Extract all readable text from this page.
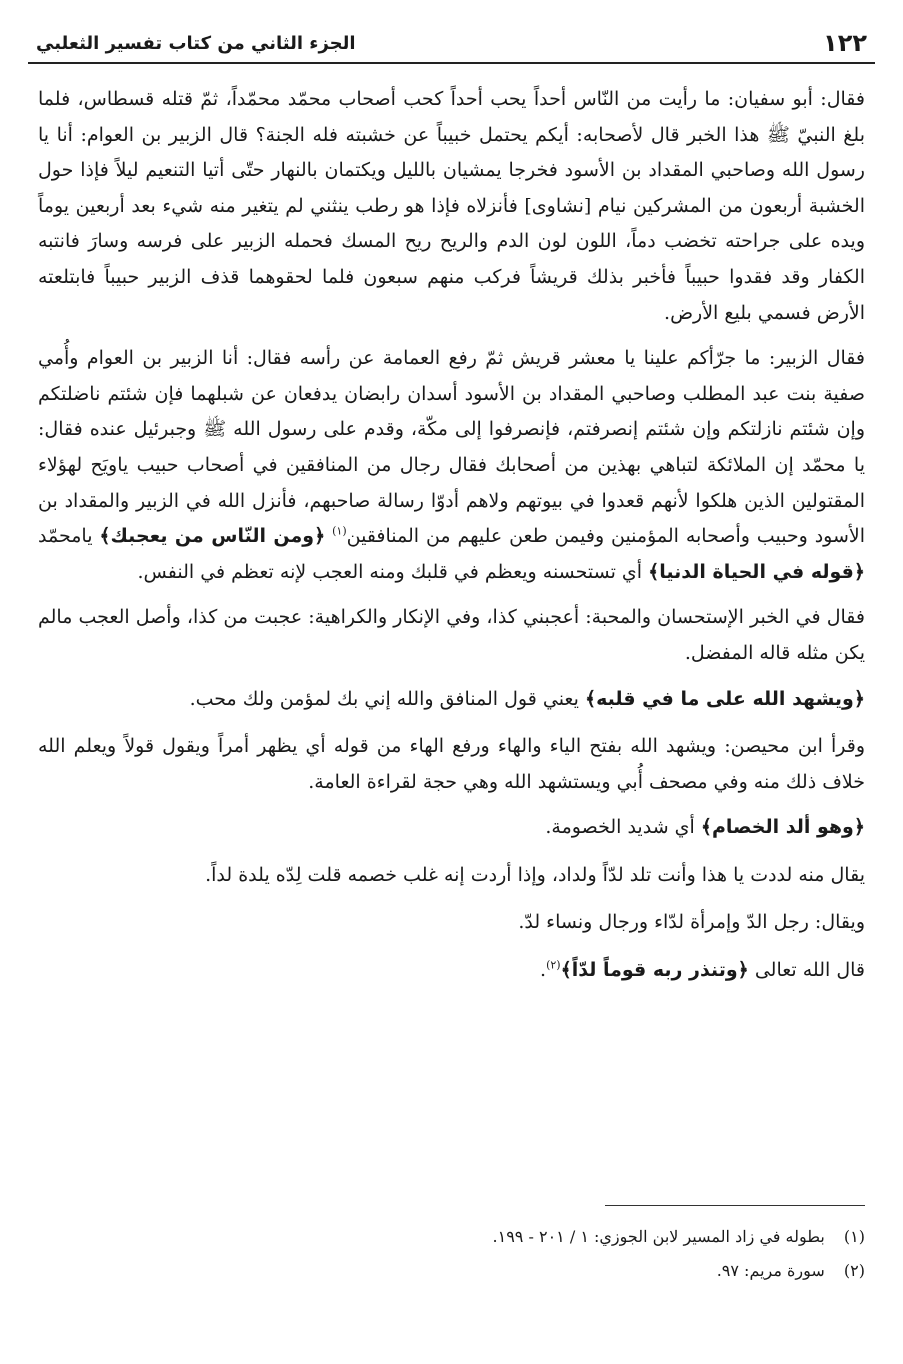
١٢٢
الجزء الثاني من كتاب تفسير الثعلبي

فقال: أبو سفيان: ما رأيت من النّاس أحداً يحب أحداً كحب أصحاب محمّد محمّداً، ثمّ قتله قسطاس، فلما بلغ النبيّ ﷺ هذا الخبر قال لأصحابه: أيكم يحتمل خبيباً عن خشبته فله الجنة؟ قال الزبير بن العوام: أنا يا رسول الله وصاحبي المقداد بن الأسود فخرجا يمشيان بالليل ويكتمان بالنهار حتّى أتيا التنعيم ليلاً فإذا حول الخشبة أربعون من المشركين نيام [نشاوى] فأنزلاه فإذا هو رطب ينثني لم يتغير منه شيء بعد أربعين يوماً ويده على جراحته تخضب دماً، اللون لون الدم والريح ريح المسك فحمله الزبير على فرسه وسارَ فانتبه الكفار وقد فقدوا حبيباً فأخبر بذلك قريشاً فركب منهم سبعون فلما لحقوهما قذف الزبير حبيباً فابتلعته الأرض فسمي بليع الأرض.

فقال الزبير: ما جرّأكم علينا يا معشر قريش ثمّ رفع العمامة عن رأسه فقال: أنا الزبير بن العوام وأُمي صفية بنت عبد المطلب وصاحبي المقداد بن الأسود أسدان رابضان يدفعان عن شبلهما فإن شئتم ناضلتكم وإن شئتم نازلتكم وإن شئتم إنصرفتم، فإنصرفوا إلى مكّة، وقدم على رسول الله ﷺ وجبرئيل عنده فقال: يا محمّد إن الملائكة لتباهي بهذين من أصحابك فقال رجال من المنافقين في أصحاب حبيب ياويَح لهؤلاء المقتولين الذين هلكوا لأنهم قعدوا في بيوتهم ولاهم أدوّا رسالة صاحبهم، فأنزل الله في الزبير والمقداد بن الأسود وحبيب وأصحابه المؤمنين وفيمن طعن عليهم من المنافقين$^{(١)}$ ﴿ومن النّاس من يعجبك﴾ يامحمّد ﴿قوله في الحياة الدنيا﴾ أي تستحسنه ويعظم في قلبك ومنه العجب لإنه تعظم في النفس.

فقال في الخبر الإستحسان والمحبة: أعجبني كذا، وفي الإنكار والكراهية: عجبت من كذا، وأصل العجب مالم يكن مثله قاله المفضل.

﴿ويشهد الله على ما في قلبه﴾ يعني قول المنافق والله إني بك لمؤمن ولك محب.

وقرأ ابن محيصن: ويشهد الله بفتح الياء والهاء ورفع الهاء من قوله أي يظهر أمراً ويقول قولاً ويعلم الله خلاف ذلك منه وفي مصحف أُبي ويستشهد الله وهي حجة لقراءة العامة.

﴿وهو ألد الخصام﴾ أي شديد الخصومة.

يقال منه لددت يا هذا وأنت تلد لدّاً ولداد، وإذا أردت إنه غلب خصمه قلت لِدّه يلدة لداً.

ويقال: رجل الدّ وإمرأة لدّاء ورجال ونساء لدّ.

قال الله تعالى ﴿وتنذر ربه قوماً لدّاً﴾$^{(٢)}$.

(١) بطوله في زاد المسير لابن الجوزي: ١ / ٢٠١ - ١٩٩.
(٢) سورة مريم: ٩٧.
